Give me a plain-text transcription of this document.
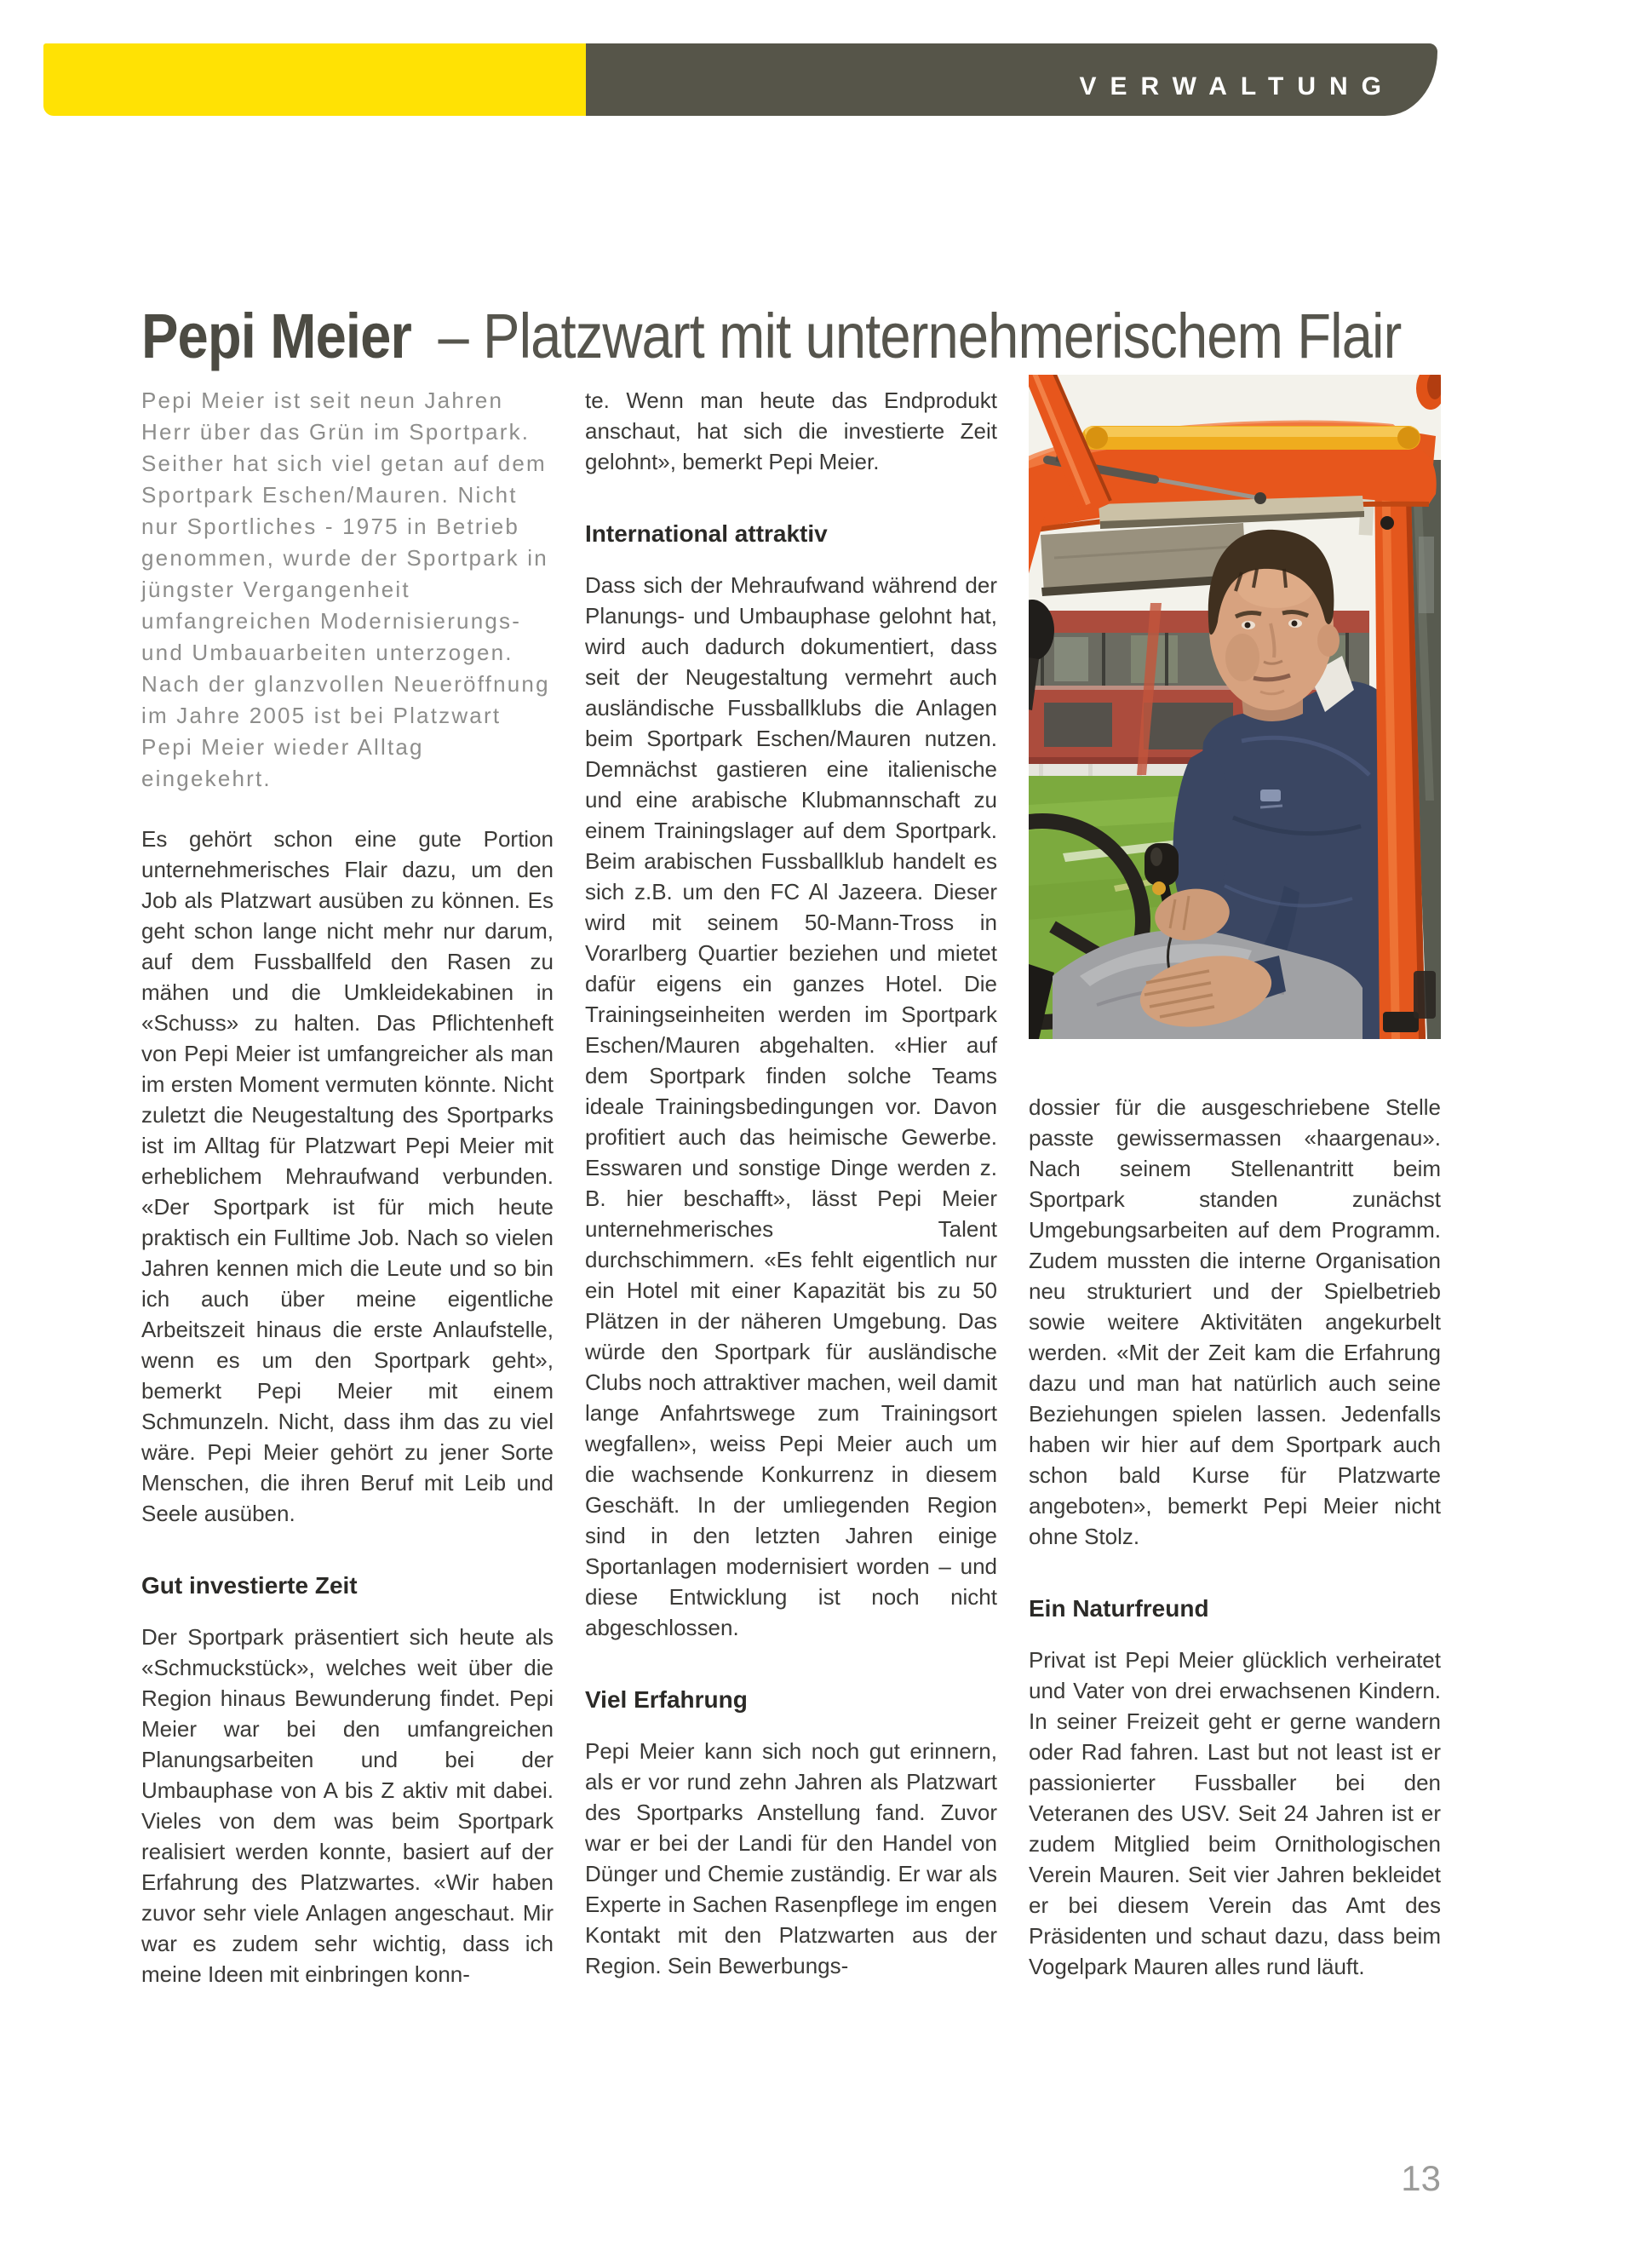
VERWALTUNG
Pepi Meier – Platzwart mit unternehmerischem Flair

Pepi Meier ist seit neun Jahren Herr über das Grün im Sportpark. Seither hat sich viel getan auf dem Sportpark Eschen/Mauren. Nicht nur Sportliches - 1975 in Betrieb genommen, wurde der Sportpark in jüngster Vergangenheit umfangreichen Modernisierungs- und Umbauarbeiten unterzogen. Nach der glanzvollen Neueröffnung im Jahre 2005 ist bei Platzwart Pepi Meier wieder Alltag eingekehrt.

Es gehört schon eine gute Portion unternehmerisches Flair dazu, um den Job als Platzwart ausüben zu können. Es geht schon lange nicht mehr nur darum, auf dem Fussballfeld den Rasen zu mähen und die Umkleidekabinen in «Schuss» zu halten. Das Pflichtenheft von Pepi Meier ist umfangreicher als man im ersten Moment vermuten könnte. Nicht zuletzt die Neugestaltung des Sportparks ist im Alltag für Platzwart Pepi Meier mit erheblichem Mehraufwand verbunden. «Der Sportpark ist für mich heute praktisch ein Fulltime Job. Nach so vielen Jahren kennen mich die Leute und so bin ich auch über meine eigentliche Arbeitszeit hinaus die erste Anlaufstelle, wenn es um den Sportpark geht», bemerkt Pepi Meier mit einem Schmunzeln. Nicht, dass ihm das zu viel wäre. Pepi Meier gehört zu jener Sorte Menschen, die ihren Beruf mit Leib und Seele ausüben.

Gut investierte Zeit

Der Sportpark präsentiert sich heute als «Schmuckstück», welches weit über die Region hinaus Bewunderung findet. Pepi Meier war bei den umfangreichen Planungsarbeiten und bei der Umbauphase von A bis Z aktiv mit dabei. Vieles von dem was beim Sportpark realisiert werden konnte, basiert auf der Erfahrung des Platzwartes. «Wir haben zuvor sehr viele Anlagen angeschaut. Mir war es zudem sehr wichtig, dass ich meine Ideen mit einbringen konn-

te. Wenn man heute das Endprodukt anschaut, hat sich die investierte Zeit gelohnt», bemerkt Pepi Meier.

International attraktiv

Dass sich der Mehraufwand während der Planungs- und Umbauphase gelohnt hat, wird auch dadurch dokumentiert, dass seit der Neugestaltung vermehrt auch ausländische Fussballklubs die Anlagen beim Sportpark Eschen/Mauren nutzen. Demnächst gastieren eine italienische und eine arabische Klubmannschaft zu einem Trainingslager auf dem Sportpark. Beim arabischen Fussballklub handelt es sich z.B. um den FC Al Jazeera. Dieser wird mit seinem 50-Mann-Tross in Vorarlberg Quartier beziehen und mietet dafür eigens ein ganzes Hotel. Die Trainingseinheiten werden im Sportpark Eschen/Mauren abgehalten. «Hier auf dem Sportpark finden solche Teams ideale Trainingsbedingungen vor. Davon profitiert auch das heimische Gewerbe. Esswaren und sonstige Dinge werden z. B. hier beschafft», lässt Pepi Meier unternehmerisches Talent durchschimmern. «Es fehlt eigentlich nur ein Hotel mit einer Kapazität bis zu 50 Plätzen in der näheren Umgebung. Das würde den Sportpark für ausländische Clubs noch attraktiver machen, weil damit lange Anfahrtswege zum Trainingsort wegfallen», weiss Pepi Meier auch um die wachsende Konkurrenz in diesem Geschäft. In der umliegenden Region sind in den letzten Jahren einige Sportanlagen modernisiert worden – und diese Entwicklung ist noch nicht abgeschlossen.

Viel Erfahrung

Pepi Meier kann sich noch gut erinnern, als er vor rund zehn Jahren als Platzwart des Sportparks Anstellung fand. Zuvor war er bei der Landi für den Handel von Dünger und Chemie zuständig. Er war als Experte in Sachen Rasenpflege im engen Kontakt mit den Platzwarten aus der Region. Sein Bewerbungs-

dossier für die ausgeschriebene Stelle passte gewissermassen «haargenau». Nach seinem Stellenantritt beim Sportpark standen zunächst Umgebungsarbeiten auf dem Programm. Zudem mussten die interne Organisation neu strukturiert und der Spielbetrieb sowie weitere Aktivitäten angekurbelt werden. «Mit der Zeit kam die Erfahrung dazu und man hat natürlich auch seine Beziehungen spielen lassen. Jedenfalls haben wir hier auf dem Sportpark auch schon bald Kurse für Platzwarte angeboten», bemerkt Pepi Meier nicht ohne Stolz.

Ein Naturfreund

Privat ist Pepi Meier glücklich verheiratet und Vater von drei erwachsenen Kindern. In seiner Freizeit geht er gerne wandern oder Rad fahren. Last but not least ist er passionierter Fussballer bei den Veteranen des USV. Seit 24 Jahren ist er zudem Mitglied beim Ornithologischen Verein Mauren. Seit vier Jahren bekleidet er bei diesem Verein das Amt des Präsidenten und schaut dazu, dass beim Vogelpark Mauren alles rund läuft.

13
